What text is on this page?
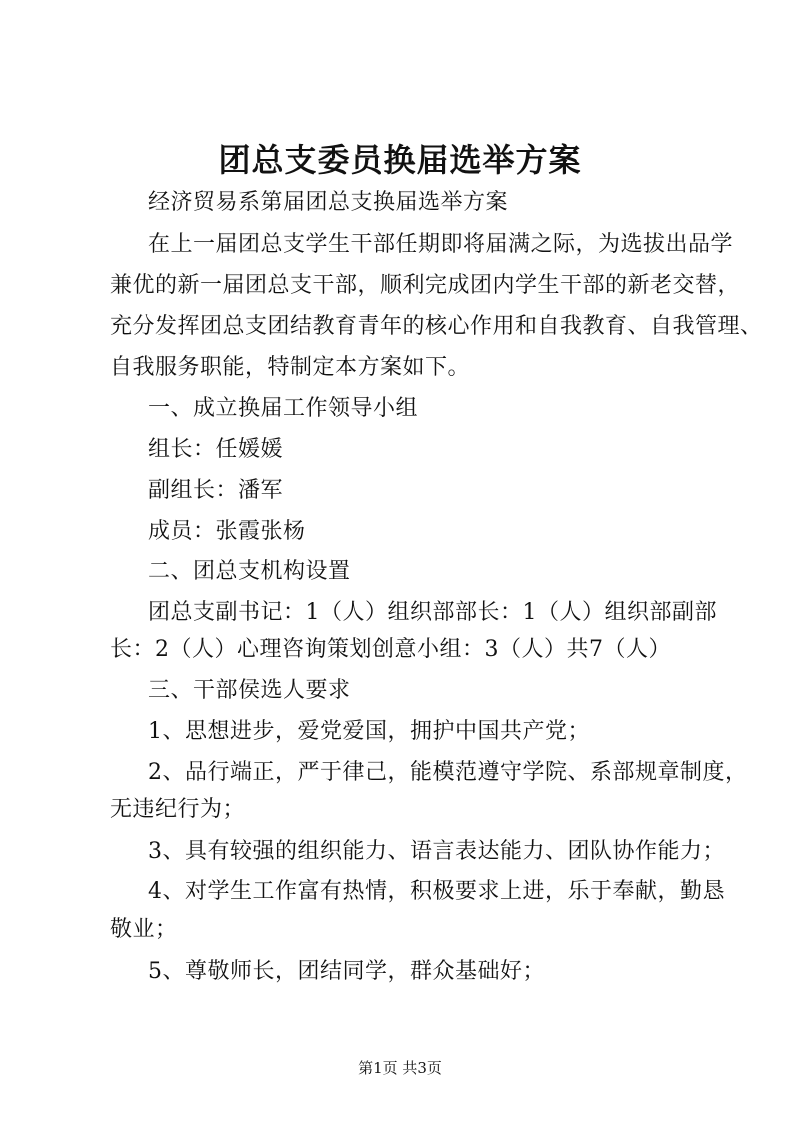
团总支委员换届选举方案
经济贸易系第届团总支换届选举方案
在上一届团总支学生干部任期即将届满之际，为选拔出品学
兼优的新一届团总支干部，顺利完成团内学生干部的新老交替，
充分发挥团总支团结教育青年的核心作用和自我教育、自我管理、
自我服务职能，特制定本方案如下。
一、成立换届工作领导小组
组长：任媛媛
副组长：潘军
成员：张霞张杨
二、团总支机构设置
团总支副书记：1（人）组织部部长：1（人）组织部副部
长：2（人）心理咨询策划创意小组：3（人）共7（人）
三、干部侯选人要求
1、思想进步，爱党爱国，拥护中国共产党；
2、品行端正，严于律己，能模范遵守学院、系部规章制度，
无违纪行为；
3、具有较强的组织能力、语言表达能力、团队协作能力；
4、对学生工作富有热情，积极要求上进，乐于奉献，勤恳
敬业；
5、尊敬师长，团结同学，群众基础好；
第1页 共3页
